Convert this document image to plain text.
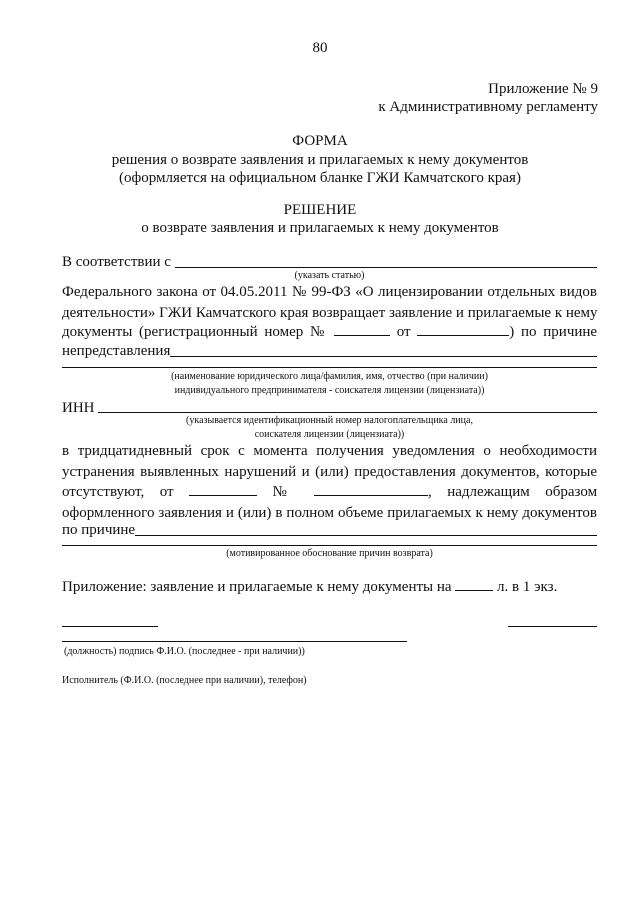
80
Приложение № 9
к Административному регламенту
ФОРМА
решения о возврате заявления и прилагаемых к нему документов
(оформляется на официальном бланке ГЖИ Камчатского края)
РЕШЕНИЕ
о возврате заявления и прилагаемых к нему документов
В соответствии с
(указать статью)
Федерального закона от 04.05.2011 № 99-ФЗ «О лицензировании отдельных видов
деятельности» ГЖИ Камчатского края возвращает заявление и прилагаемые к нему
документы (регистрационный номер №	от	) по причине
непредставления
(наименование юридического лица/фамилия, имя, отчество (при наличии)
индивидуального предпринимателя - соискателя лицензии (лицензиата))
ИНН
(указывается идентификационный номер налогоплательщика лица,
соискателя лицензии (лицензиата))
в тридцатидневный срок с момента получения уведомления о необходимости
устранения выявленных нарушений и (или) предоставления документов, которые
отсутствуют, от	№	, надлежащим образом
оформленного заявления и (или) в полном объеме прилагаемых к нему документов
по причине
(мотивированное обоснование причин возврата)
Приложение: заявление и прилагаемые к нему документы на	л. в 1 экз.
(должность) подпись Ф.И.О. (последнее - при наличии))
Исполнитель (Ф.И.О. (последнее при наличии), телефон)
